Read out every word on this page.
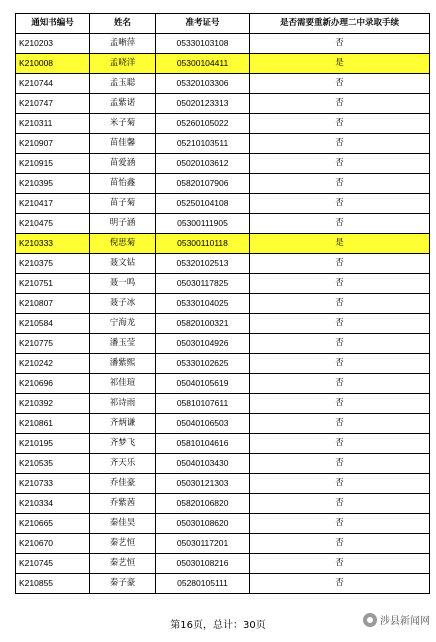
通知书编号	姓名	准考证号	是否需要重新办理二中录取手续
K210203	孟晰萍	05330103108	否
K210008	孟晓洋	05300104411	是
K210744	孟玉聪	05320103306	否
K210747	孟紫诺	05020123313	否
K210311	米子菊	05260105022	否
K210907	苗佳馨	05210103511	否
K210915	苗爱涵	05020103612	否
K210395	苗怡鑫	05820107906	否
K210417	苗子菊	05250104108	否
K210475	明子涵	05300111905	否
K210333	倪思菊	05300110118	是
K210375	聂文钻	05320102513	否
K210751	聂一鸣	05030117825	否
K210807	聂子冰	05330104025	否
K210584	宁海龙	05820100321	否
K210775	潘玉莹	05030104926	否
K210242	潘紫熙	05330102625	否
K210696	祁佳瑄	05040105619	否
K210392	祁诗雨	05810107611	否
K210861	齐炳谦	05040106503	否
K210195	齐梦飞	05810104616	否
K210535	齐天乐	05040103430	否
K210733	乔佳豪	05030121303	否
K210334	乔紫茜	05820106820	否
K210665	秦佳昊	05030108620	否
K210670	秦艺恒	05030117201	否
K210745	秦艺恒	05030108216	否
K210855	秦子豪	05280105111	否
第16页，总计：30页	涉县新闻网
